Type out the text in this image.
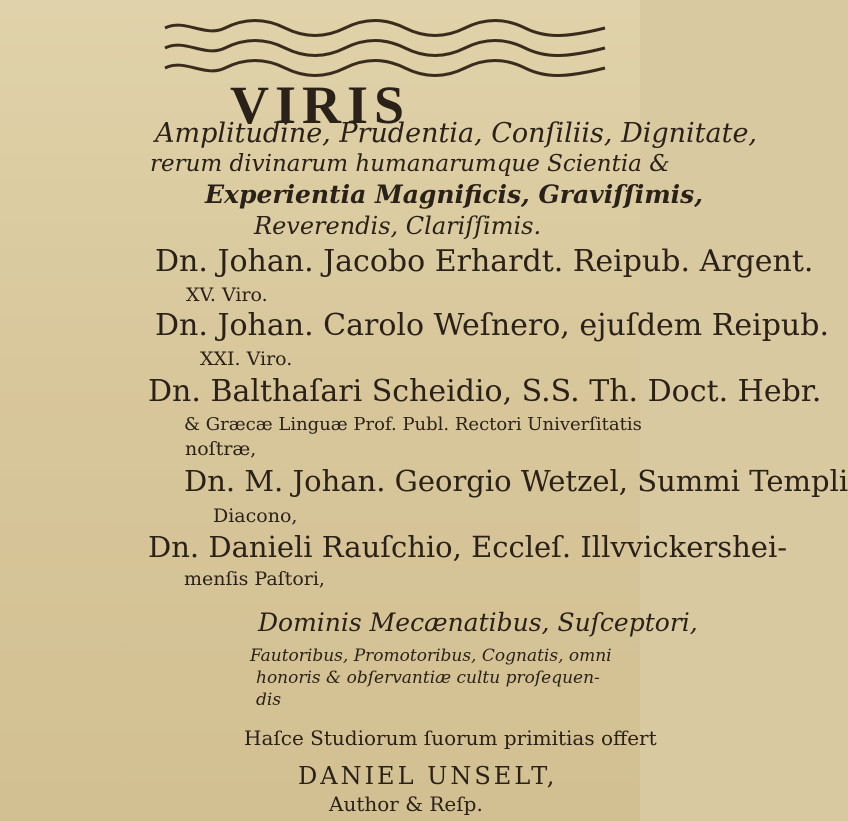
VIRIS
Amplitudine, Prudentia, Conſiliis, Dignitate,
rerum divinarum humanarumque Scientia &
Experientia Magnificis, Graviſſimis,
Reverendis, Clariſſimis.
Dn. Johan. Jacobo Erhardt. Reipub. Argent.
XV. Viro.
Dn. Johan. Carolo Weſnero, ejuſdem Reipub.
XXI. Viro.
Dn. Balthaſari Scheidio, S.S. Th. Doct. Hebr.
& Græcæ Linguæ Prof. Publ. Rectori Univerſitatis
noſtræ,
Dn. M. Johan. Georgio Wetzel, Summi Templi
Diacono,
Dn. Danieli Rauſchio, Eccleſ. Illvvickershei-
menſis Paſtori,
Dominis Mecænatibus, Suſceptori,
Fautoribus, Promotoribus, Cognatis, omni
honoris & obſervantiæ cultu proſequen-
dis
Haſce Studiorum ſuorum primitias offert
DANIEL UNSELT,
Author & Reſp.
